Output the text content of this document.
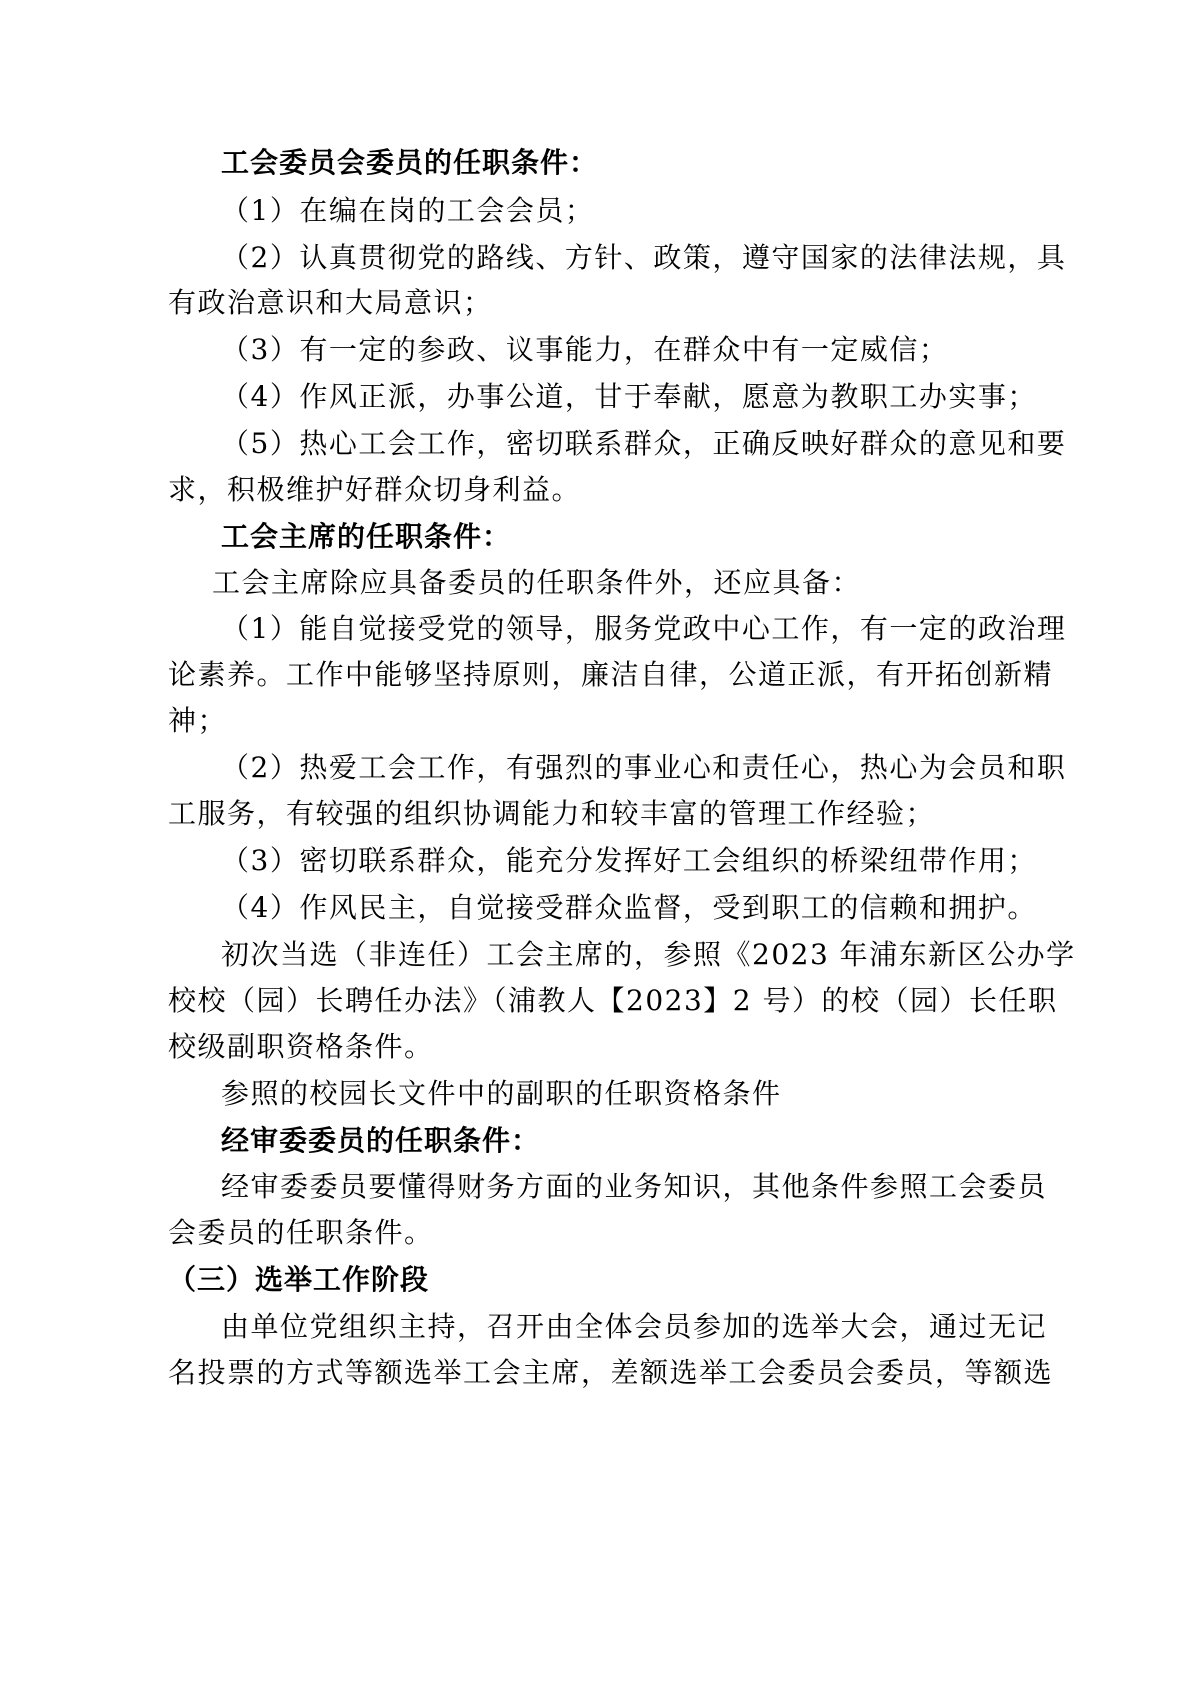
工会委员会委员的任职条件：
（1）在编在岗的工会会员；
（2）认真贯彻党的路线、方针、政策，遵守国家的法律法规，具
有政治意识和大局意识；
（3）有一定的参政、议事能力，在群众中有一定威信；
（4）作风正派，办事公道，甘于奉献，愿意为教职工办实事；
（5）热心工会工作，密切联系群众，正确反映好群众的意见和要
求，积极维护好群众切身利益。
工会主席的任职条件：
工会主席除应具备委员的任职条件外，还应具备：
（1）能自觉接受党的领导，服务党政中心工作，有一定的政治理
论素养。工作中能够坚持原则，廉洁自律，公道正派，有开拓创新精
神；
（2）热爱工会工作，有强烈的事业心和责任心，热心为会员和职
工服务，有较强的组织协调能力和较丰富的管理工作经验；
（3）密切联系群众，能充分发挥好工会组织的桥梁纽带作用；
（4）作风民主，自觉接受群众监督，受到职工的信赖和拥护。
初次当选（非连任）工会主席的，参照《2023 年浦东新区公办学
校校（园）长聘任办法》（浦教人【2023】2 号）的校（园）长任职
校级副职资格条件。
参照的校园长文件中的副职的任职资格条件
经审委委员的任职条件：
经审委委员要懂得财务方面的业务知识，其他条件参照工会委员
会委员的任职条件。
（三）选举工作阶段
由单位党组织主持，召开由全体会员参加的选举大会，通过无记
名投票的方式等额选举工会主席，差额选举工会委员会委员，等额选
